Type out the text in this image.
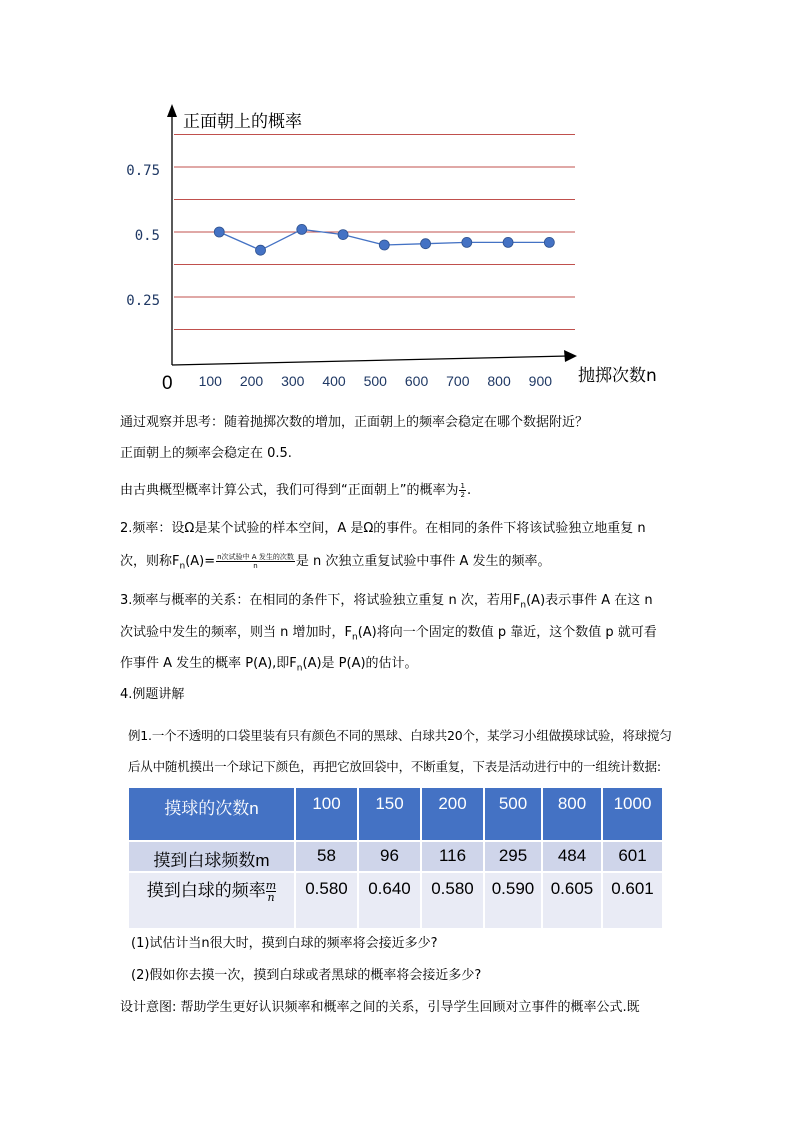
正面朝上的概率
抛掷次数n
0
0.25
0.5
0.75
100 200 300 400 500 600 700 800 900

通过观察并思考：随着抛掷次数的增加，正面朝上的频率会稳定在哪个数据附近？

正面朝上的频率会稳定在 0.5.

由古典概型概率计算公式，我们可得到“正面朝上”的概率为 $\frac{1}{2}$ .

2.频率：设Ω是某个试验的样本空间，A 是Ω的事件。在相同的条件下将该试验独立地重复 n

次，则称$F_n(A)= \frac{\text{n次试验中 A 发生的次数}}{n}$ 是 n 次独立重复试验中事件 A 发生的频率。

3.频率与概率的关系：在相同的条件下，将试验独立重复 n 次，若用$F_n(A)$表示事件 A 在这 n

次试验中发生的频率，则当 n 增加时，$F_n(A)$将向一个固定的数值 p 靠近，这个数值 p 就可看

作事件 A 发生的概率 P(A),即$F_n(A)$是 P(A)的估计。

4.例题讲解

例1.一个不透明的口袋里装有只有颜色不同的黑球、白球共20个，某学习小组做摸球试验，将球搅匀

后从中随机摸出一个球记下颜色，再把它放回袋中，不断重复，下表是活动进行中的一组统计数据:

摸球的次数n	100	150	200	500	800	1000

摸到白球频数m	58	96	116	295	484	601

摸到白球的频率 $\frac{m}{n}$	0.580	0.640	0.580	0.590	0.605	0.601

(1)试估计当n很大时，摸到白球的频率将会接近多少?

(2)假如你去摸一次，摸到白球或者黑球的概率将会接近多少?

设计意图: 帮助学生更好认识频率和概率之间的关系，引导学生回顾对立事件的概率公式.既
